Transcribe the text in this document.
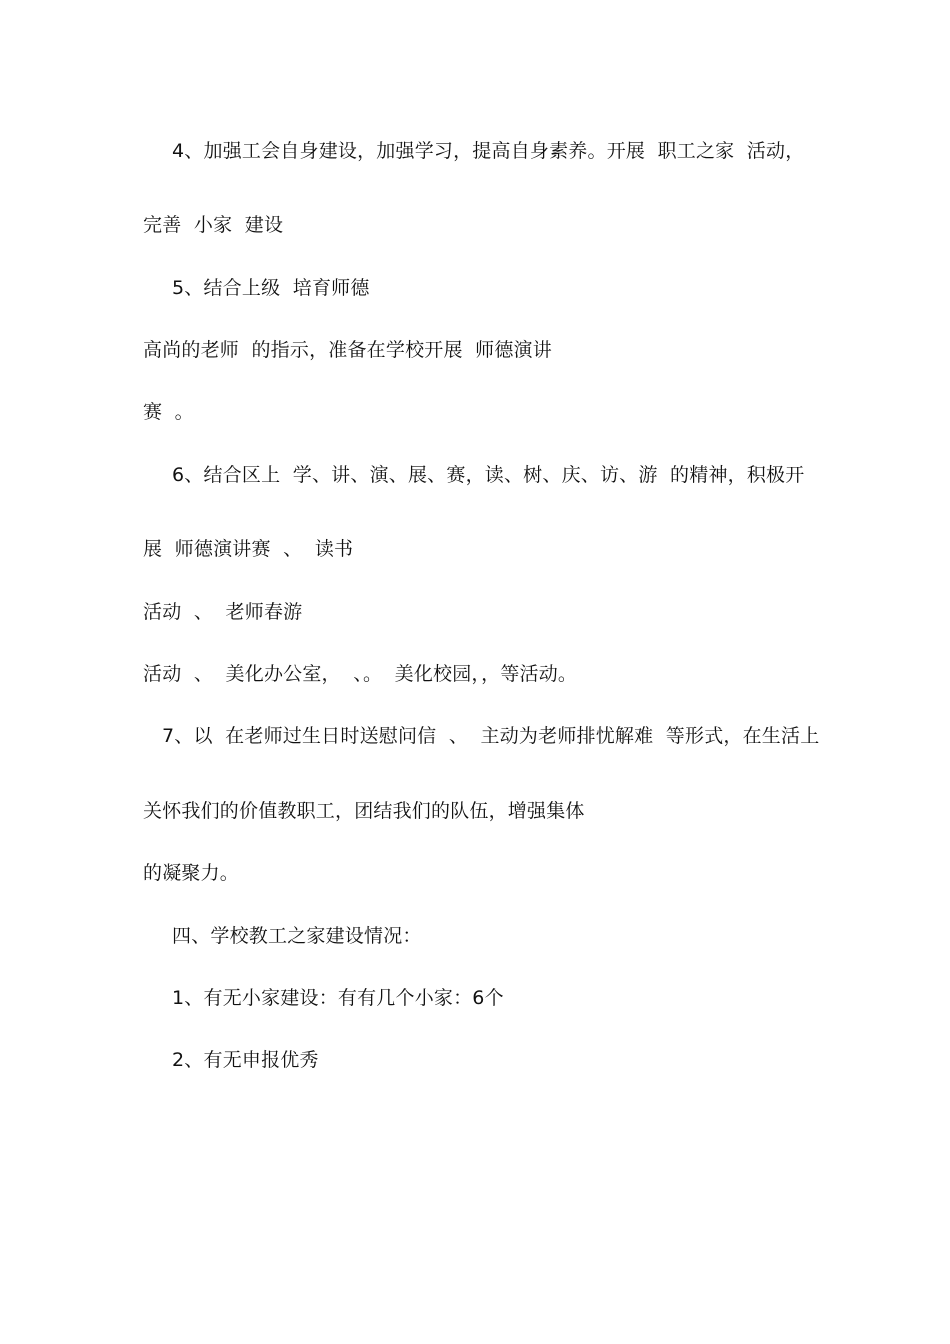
4、加强工会自身建设，加强学习，提高自身素养。开展  职工之家  活动，
完善  小家  建设
5、结合上级  培育师德
高尚的老师  的指示，准备在学校开展  师德演讲
赛  。
6、结合区上  学、讲、演、展、赛，读、树、庆、访、游  的精神，积极开
展  师德演讲赛  、  读书
活动  、  老师春游
活动  、  美化办公室，  、。  美化校园，，等活动。
7、以  在老师过生日时送慰问信  、  主动为老师排忧解难  等形式，在生活上
关怀我们的价值教职工，团结我们的队伍，增强集体
的凝聚力。
四、学校教工之家建设情况：
1、有无小家建设：有有几个小家：6个
2、有无申报优秀
